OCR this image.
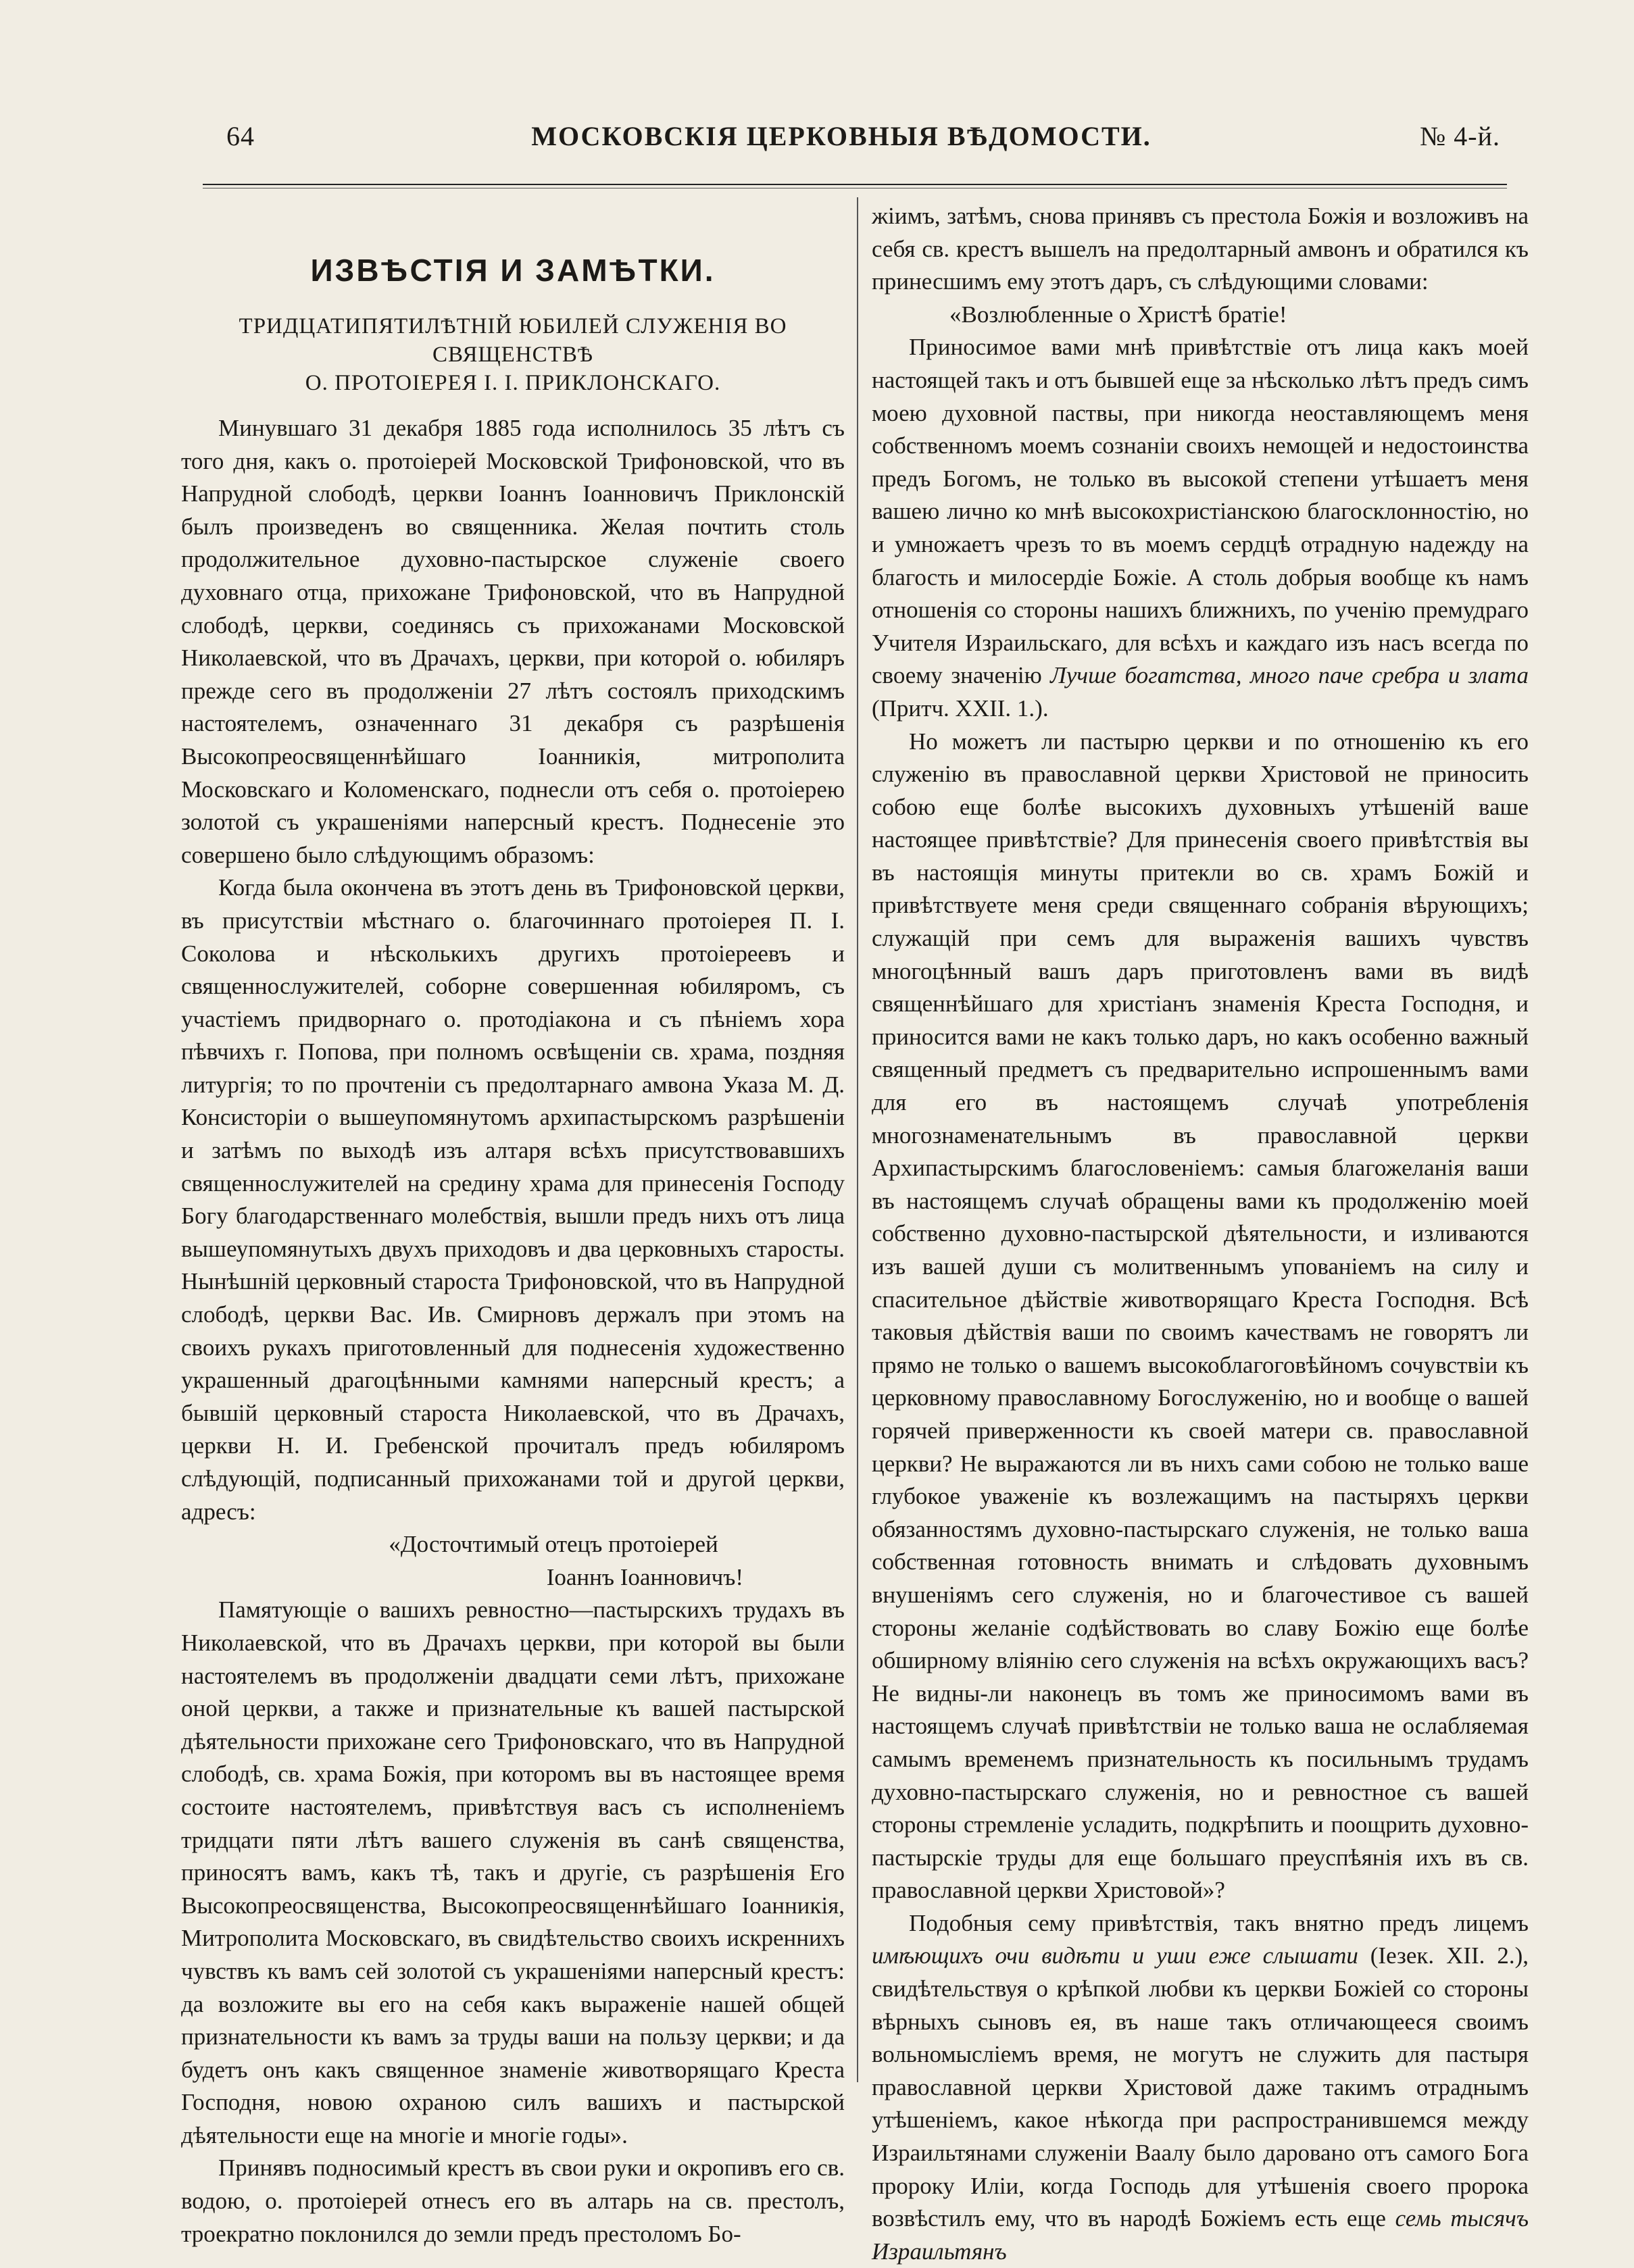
64	МОСКОВСКІЯ ЦЕРКОВНЫЯ ВѢДОМОСТИ.	№ 4-й.
ИЗВѢСТІЯ И ЗАМѢТКИ.
ТРИДЦАТИПЯТИЛѢТНІЙ ЮБИЛЕЙ СЛУЖЕНІЯ ВО СВЯЩЕНСТВѢ
О. ПРОТОІЕРЕЯ І. І. ПРИКЛОНСКАГО.

Минувшаго 31 декабря 1885 года исполнилось 35 лѣтъ съ того дня, какъ о. протоіерей Московской Трифоновской, что въ Напрудной слободѣ, церкви Іоаннъ Іоанновичъ Приклонскій былъ произведенъ во священника. Желая почтить столь продолжительное духовно-пастырское служеніе своего духовнаго отца, прихожане Трифоновской, что въ Напрудной слободѣ, церкви, соединясь съ прихожанами Московской Николаевской, что въ Драчахъ, церкви, при которой о. юбиляръ прежде сего въ продолженіи 27 лѣтъ состоялъ приходскимъ настоятелемъ, означеннаго 31 декабря съ разрѣшенія Высокопреосвященнѣйшаго Іоанникія, митрополита Московскаго и Коломенскаго, поднесли отъ себя о. протоіерею золотой съ украшеніями наперсный крестъ. Поднесеніе это совершено было слѣдующимъ образомъ:

Когда была окончена въ этотъ день въ Трифоновской церкви, въ присутствіи мѣстнаго о. благочиннаго протоіерея П. І. Соколова и нѣсколькихъ другихъ протоіереевъ и священнослужителей, соборне совершенная юбиляромъ, съ участіемъ придворнаго о. протодіакона и съ пѣніемъ хора пѣвчихъ г. Попова, при полномъ освѣщеніи св. храма, поздняя литургія; то по прочтеніи съ предолтарнаго амвона Указа М. Д. Консисторіи о вышеупомянутомъ архипастырскомъ разрѣшеніи и затѣмъ по выходѣ изъ алтаря всѣхъ присутствовавшихъ священнослужителей на средину храма для принесенія Господу Богу благодарственнаго молебствія, вышли предъ нихъ отъ лица вышеупомянутыхъ двухъ приходовъ и два церковныхъ старосты. Нынѣшній церковный староста Трифоновской, что въ Напрудной слободѣ, церкви Вас. Ив. Смирновъ держалъ при этомъ на своихъ рукахъ приготовленный для поднесенія художественно украшенный драгоцѣнными камнями наперсный крестъ; а бывшій церковный староста Николаевской, что въ Драчахъ, церкви Н. И. Гребенской прочиталъ предъ юбиляромъ слѣдующій, подписанный прихожанами той и другой церкви, адресъ:

«Досточтимый отецъ протоіерей

Іоаннъ Іоанновичъ!

Памятующіе о вашихъ ревностно—пастырскихъ трудахъ въ Николаевской, что въ Драчахъ церкви, при которой вы были настоятелемъ въ продолженіи двадцати семи лѣтъ, прихожане оной церкви, а также и признательные къ вашей пастырской дѣятельности прихожане сего Трифоновскаго, что въ Напрудной слободѣ, св. храма Божія, при которомъ вы въ настоящее время состоите настоятелемъ, привѣтствуя васъ съ исполненіемъ тридцати пяти лѣтъ вашего служенія въ санѣ священства, приносятъ вамъ, какъ тѣ, такъ и другіе, съ разрѣшенія Его Высокопреосвященства, Высокопреосвященнѣйшаго Іоанникія, Митрополита Московскаго, въ свидѣтельство своихъ искреннихъ чувствъ къ вамъ сей золотой съ украшеніями наперсный крестъ: да возложите вы его на себя какъ выраженіе нашей общей признательности къ вамъ за труды ваши на пользу церкви; и да будетъ онъ какъ священное знаменіе животворящаго Креста Господня, новою охраною силъ вашихъ и пастырской дѣятельности еще на многіе и многіе годы».

Принявъ подносимый крестъ въ свои руки и окропивъ его св. водою, о. протоіерей отнесъ его въ алтарь на св. престолъ, троекратно поклонился до земли предъ престоломъ Бо-

жіимъ, затѣмъ, снова принявъ съ престола Божія и возложивъ на себя св. крестъ вышелъ на предолтарный амвонъ и обратился къ принесшимъ ему этотъ даръ, съ слѣдующими словами:

«Возлюбленные о Христѣ братіе!

Приносимое вами мнѣ привѣтствіе отъ лица какъ моей настоящей такъ и отъ бывшей еще за нѣсколько лѣтъ предъ симъ моею духовной паствы, при никогда неоставляющемъ меня собственномъ моемъ сознаніи своихъ немощей и недостоинства предъ Богомъ, не только въ высокой степени утѣшаетъ меня вашею лично ко мнѣ высокохристіанскою благосклонностію, но и умножаетъ чрезъ то въ моемъ сердцѣ отрадную надежду на благость и милосердіе Божіе. А столь добрыя вообще къ намъ отношенія со стороны нашихъ ближнихъ, по ученію премудраго Учителя Израильскаго, для всѣхъ и каждаго изъ насъ всегда по своему значенію Лучше богатства, много паче сребра и злата (Притч. XXII. 1.).

Но можетъ ли пастырю церкви и по отношенію къ его служенію въ православной церкви Христовой не приносить собою еще болѣе высокихъ духовныхъ утѣшеній ваше настоящее привѣтствіе? Для принесенія своего привѣтствія вы въ настоящія минуты притекли во св. храмъ Божій и привѣтствуете меня среди священнаго собранія вѣрующихъ; служащій при семъ для выраженія вашихъ чувствъ многоцѣнный вашъ даръ приготовленъ вами въ видѣ священнѣйшаго для христіанъ знаменія Креста Господня, и приносится вами не какъ только даръ, но какъ особенно важный священный предметъ съ предварительно испрошеннымъ вами для его въ настоящемъ случаѣ употребленія многознаменательнымъ въ православной церкви Архипастырскимъ благословеніемъ: самыя благожеланія ваши въ настоящемъ случаѣ обращены вами къ продолженію моей собственно духовно-пастырской дѣятельности, и изливаются изъ вашей души съ молитвеннымъ упованіемъ на силу и спасительное дѣйствіе животворящаго Креста Господня. Всѣ таковыя дѣйствія ваши по своимъ качествамъ не говорятъ ли прямо не только о вашемъ высокоблагоговѣйномъ сочувствіи къ церковному православному Богослуженію, но и вообще о вашей горячей приверженности къ своей матери св. православной церкви? Не выражаются ли въ нихъ сами собою не только ваше глубокое уваженіе къ возлежащимъ на пастыряхъ церкви обязанностямъ духовно-пастырскаго служенія, не только ваша собственная готовность внимать и слѣдовать духовнымъ внушеніямъ сего служенія, но и благочестивое съ вашей стороны желаніе содѣйствовать во славу Божію еще болѣе обширному вліянію сего служенія на всѣхъ окружающихъ васъ? Не видны-ли наконецъ въ томъ же приносимомъ вами въ настоящемъ случаѣ привѣтствіи не только ваша не ослабляемая самымъ временемъ признательность къ посильнымъ трудамъ духовно-пастырскаго служенія, но и ревностное съ вашей стороны стремленіе усладить, подкрѣпить и поощрить духовно-пастырскіе труды для еще большаго преуспѣянія ихъ въ св. православной церкви Христовой»?

Подобныя сему привѣтствія, такъ внятно предъ лицемъ имѣющихъ очи видѣти и уши еже слышати (Іезек. XII. 2.), свидѣтельствуя о крѣпкой любви къ церкви Божіей со стороны вѣрныхъ сыновъ ея, въ наше такъ отличающееся своимъ вольномысліемъ время, не могутъ не служить для пастыря православной церкви Христовой даже такимъ отраднымъ утѣшеніемъ, какое нѣкогда при распространившемся между Израильтянами служеніи Ваалу было даровано отъ самого Бога пророку Иліи, когда Господь для утѣшенія своего пророка возвѣстилъ ему, что въ народѣ Божіемъ есть еще семь тысячъ Израильтянъ
